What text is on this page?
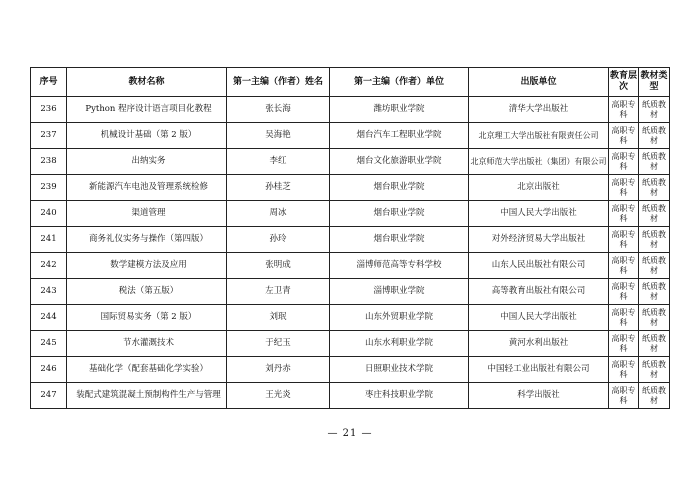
序号	教材名称	第一主编（作者）姓名	第一主编（作者）单位	出版单位	教育层次	教材类型
236	Python 程序设计语言项目化教程	张长海	潍坊职业学院	清华大学出版社	高职专科	纸质教材
237	机械设计基础（第 2 版）	吴海艳	烟台汽车工程职业学院	北京理工大学出版社有限责任公司	高职专科	纸质教材
238	出纳实务	李红	烟台文化旅游职业学院	北京师范大学出版社（集团）有限公司	高职专科	纸质教材
239	新能源汽车电池及管理系统检修	孙桂芝	烟台职业学院	北京出版社	高职专科	纸质教材
240	渠道管理	周冰	烟台职业学院	中国人民大学出版社	高职专科	纸质教材
241	商务礼仪实务与操作（第四版）	孙玲	烟台职业学院	对外经济贸易大学出版社	高职专科	纸质教材
242	数学建模方法及应用	张明成	淄博师范高等专科学校	山东人民出版社有限公司	高职专科	纸质教材
243	税法（第五版）	左卫青	淄博职业学院	高等教育出版社有限公司	高职专科	纸质教材
244	国际贸易实务（第 2 版）	刘珉	山东外贸职业学院	中国人民大学出版社	高职专科	纸质教材
245	节水灌溉技术	于纪玉	山东水利职业学院	黄河水利出版社	高职专科	纸质教材
246	基础化学（配套基础化学实验）	刘丹赤	日照职业技术学院	中国轻工业出版社有限公司	高职专科	纸质教材
247	装配式建筑混凝土预制构件生产与管理	王光炎	枣庄科技职业学院	科学出版社	高职专科	纸质教材
— 21 —
